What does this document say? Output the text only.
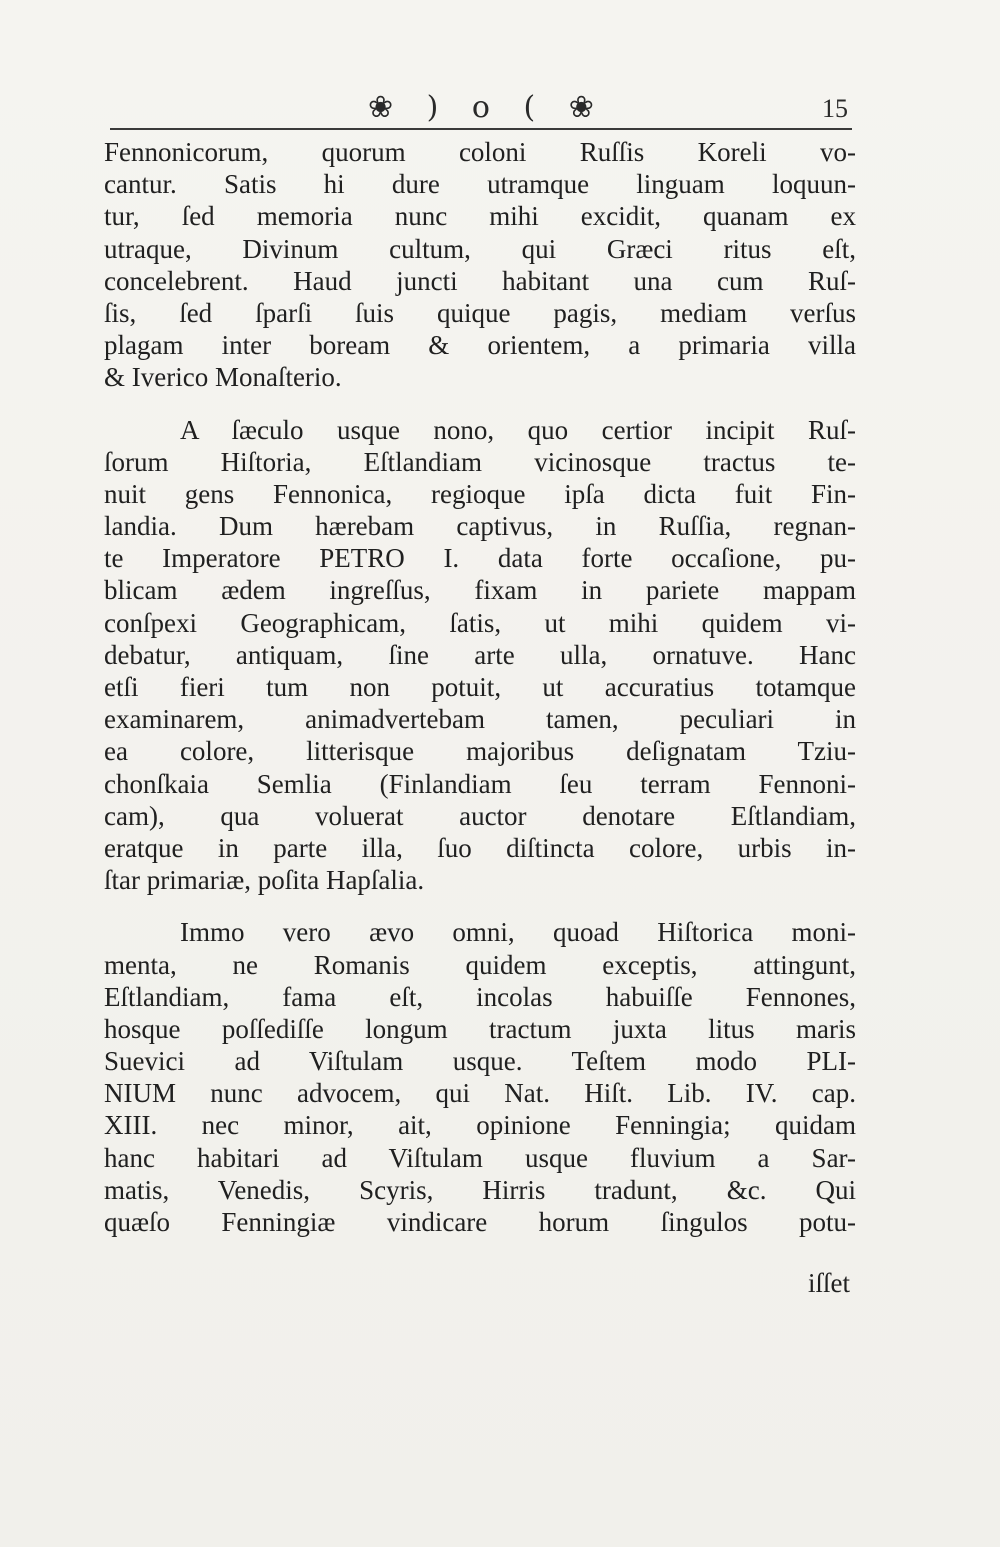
❀ ) o ( ❀	15
Fennonicorum, quorum coloni Ruſſis Koreli vo-
cantur. Satis hi dure utramque linguam loquun-
tur, ſed memoria nunc mihi excidit, quanam ex
utraque, Divinum cultum, qui Græci ritus eſt,
concelebrent. Haud juncti habitant una cum Ruſ-
ſis, ſed ſparſi ſuis quique pagis, mediam verſus
plagam inter boream & orientem, a primaria villa
& Iverico Monaſterio.
A ſæculo usque nono, quo certior incipit Ruſ-
ſorum Hiſtoria, Eſtlandiam vicinosque tractus te-
nuit gens Fennonica, regioque ipſa dicta fuit Fin-
landia. Dum hærebam captivus, in Ruſſia, regnan-
te Imperatore PETRO I. data forte occaſione, pu-
blicam ædem ingreſſus, fixam in pariete mappam
conſpexi Geographicam, ſatis, ut mihi quidem vi-
debatur, antiquam, ſine arte ulla, ornatuve. Hanc
etſi fieri tum non potuit, ut accuratius totamque
examinarem, animadvertebam tamen, peculiari in
ea colore, litterisque majoribus deſignatam Tziu-
chonſkaia Semlia (Finlandiam ſeu terram Fennoni-
cam), qua voluerat auctor denotare Eſtlandiam,
eratque in parte illa, ſuo diſtincta colore, urbis in-
ſtar primariæ, poſita Hapſalia.
Immo vero ævo omni, quoad Hiſtorica moni-
menta, ne Romanis quidem exceptis, attingunt,
Eſtlandiam, fama eſt, incolas habuiſſe Fennones,
hosque poſſediſſe longum tractum juxta litus maris
Suevici ad Viſtulam usque. Teſtem modo PLI-
NIUM nunc advocem, qui Nat. Hiſt. Lib. IV. cap.
XIII. nec minor, ait, opinione Fenningia; quidam
hanc habitari ad Viſtulam usque fluvium a Sar-
matis, Venedis, Scyris, Hirris tradunt, &c. Qui
quæſo Fenningiæ vindicare horum ſingulos potu-
iſſet
